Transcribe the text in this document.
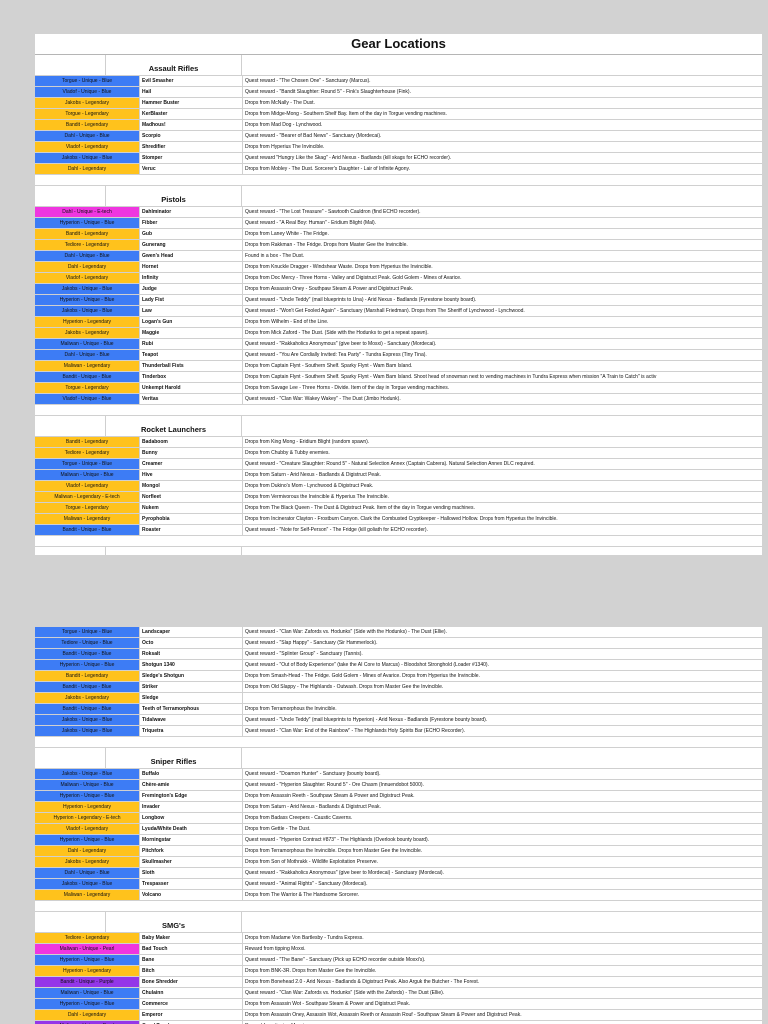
Gear Locations
Assault Rifles
Torgue - Unique - Blue	Evil Smasher	Quest reward - "The Chosen One" - Sanctuary (Marcus).
Vladof - Unique - Blue	Hail	Quest reward - "Bandit Slaughter: Round 5" - Fink's Slaughterhouse (Fink).
Jakobs - Legendary	Hammer Buster	Drops from McNally - The Dust.
Torgue - Legendary	KerBlaster	Drops from Midge-Mong - Southern Shelf Bay. Item of the day in Torgue vending machines.
Bandit - Legendary	Madhous!	Drops from Mad Dog - Lynchwood.
Dahl - Unique - Blue	Scorpio	Quest reward - "Bearer of Bad News" - Sanctuary (Mordecai).
Vladof - Legendary	Shredifier	Drops from Hyperius The Invincible.
Jakobs - Unique - Blue	Stomper	Quest reward "Hungry Like the Skag" - Arid Nexus - Badlands (kill skags for ECHO recorder).
Dahl - Legendary	Veruc	Drops from Mobley - The Dust. Sorcerer's Daughter - Lair of Infinite Agony.
Pistols
Dahl - Unique - E-tech	Dahlminator	Quest reward - "The Lost Treasure" - Sawtooth Cauldron (find ECHO recorder).
Hyperion - Unique - Blue	Fibber	Quest reward - "A Real Boy: Human" - Eridium Blight (Mal).
Bandit - Legendary	Gub	Drops from Laney White - The Fridge.
Tediore - Legendary	Gunerang	Drops from Rakkman - The Fridge. Drops from Master Gee the Invincible.
Dahl - Unique - Blue	Gwen's Head	Found in a box - The Dust.
Dahl - Legendary	Hornet	Drops from Knuckle Dragger - Windshear Waste. Drops from Hyperius the Invincible.
Vladof - Legendary	Infinity	Drops from Doc Mercy - Three Horns - Valley and Digistruct Peak. Gold Golem - Mines of Avarice.
Jakobs - Unique - Blue	Judge	Drops from Assassin Oney - Southpaw Steam & Power and Digistruct Peak.
Hyperion - Unique - Blue	Lady Fist	Quest reward - "Uncle Teddy" (mail blueprints to Una) - Arid Nexus - Badlands (Fyrestone bounty board).
Jakobs - Unique - Blue	Law	Quest reward - "Won't Get Fooled Again" - Sanctuary (Marshall Friedman). Drops from The Sheriff of Lynchwood - Lynchwood.
Hyperion - Legendary	Logan's Gun	Drops from Wilhelm - End of the Line.
Jakobs - Legendary	Maggie	Drops from Mick Zaford - The Dust. (Side with the Hodunks to get a repeat spawn).
Maliwan - Unique - Blue	Rubi	Quest reward - "Rakkaholics Anonymous" (give beer to Mosxi) - Sanctuary (Mordecai).
Dahl - Unique - Blue	Teapot	Quest reward - "You Are Cordially Invited: Tea Party" - Tundra Express (Tiny Tina).
Maliwan - Legendary	Thunderball Fists	Drops from Captain Flynt - Southern Shelf. Sparky Flynt - Wam Bam Island.
Bandit - Unique - Blue	Tinderbox	Drops from Captain Flynt - Southern Shelf. Sparky Flynt - Wam Bam Island. Shoot head of snowman next to vending machines in Tundra Express when mission "A Train to Catch" is activ
Torgue - Legendary	Unkempt Harold	Drops from Savage Lee - Three Horns - Divide. Item of the day in Torgue vending machines.
Vladof - Unique - Blue	Veritas	Quest reward - "Clan War: Wakey Wakey" - The Dust (Jimbo Hodunk).
Rocket Launchers
Bandit - Legendary	Badaboom	Drops from King Mong - Eridium Blight (random spawn).
Tediore - Legendary	Bunny	Drops from Chubby & Tubby enemies.
Torgue - Unique - Blue	Creamer	Quest reward - "Creature Slaughter: Round 5" - Natural Selection Annex (Captain Cabrera). Natural Selection Annex DLC required.
Maliwan - Unique - Blue	Hive	Drops from Saturn - Arid Nexus - Badlands & Digistruct Peak.
Vladof - Legendary	Mongol	Drops from Dukino's Mom - Lynchwood & Digistruct Peak.
Maliwan - Legendary - E-tech	Norfleet	Drops from Vermivorous the Invincible & Hyperius The Invincible.
Torgue - Legendary	Nukem	Drops from The Black Queen - The Dust & Digistruct Peak. Item of the day in Torgue vending machines.
Maliwan - Legendary	Pyrophobia	Drops from Incinerator Clayton - Frostburn Canyon. Clark the Combusted Cryptkeeper - Hallowed Hollow. Drops from Hyperius the Invincible.
Bandit - Unique - Blue	Roaster	Quest reward - "Note for Self-Person" - The Fridge (kill goliath for ECHO recorder).
Torgue - Unique - Blue	Landscaper	Quest reward - "Clan War: Zafords vs. Hodunks" (Side with the Hodunks) - The Dust (Ellie).
Tediore - Unique - Blue	Octo	Quest reward - "Slap Happy" - Sanctuary (Sir Hammerlock).
Bandit - Unique - Blue	Roksalt	Quest reward - "Splinter Group" - Sanctuary (Tannis).
Hyperion - Unique - Blue	Shotgun 1340	Quest reward - "Out of Body Experience" (take the AI Core to Marcus) - Bloodshot Stronghold (Loader #1340).
Bandit - Legendary	Sledge's Shotgun	Drops from Smash-Head - The Fridge. Gold Golem - Mines of Avarice. Drops from Hyperius the Invincible.
Bandit - Unique - Blue	Striker	Drops from Old Slappy - The Highlands - Outwash. Drops from Master Gee the Invincible.
Jakobs - Legendary	Sledge
Bandit - Unique - Blue	Teeth of Terramorphous	Drops from Terramorphous the Invincible.
Jakobs - Unique - Blue	Tidalwave	Quest reward - "Uncle Teddy" (mail blueprints to Hyperion) - Arid Nexus - Badlands (Fyrestone bounty board).
Jakobs - Unique - Blue	Triquetra	Quest reward - "Clan War: End of the Rainbow" - The Highlands Holy Spirits Bar (ECHO Recorder).
Sniper Rifles
Jakobs - Unique - Blue	Buffalo	Quest reward - "Doamon Hunter" - Sanctuary (bounty board).
Maliwan - Unique - Blue	Chère-amie	Quest reward - "Hyperion Slaughter: Round 5" - Ore Chasm (Innuendobot 5000).
Hyperion - Unique - Blue	Fremington's Edge	Drops from Assassin Reeth - Southpaw Steam & Power and Digistruct Peak.
Hyperion - Legendary	Invader	Drops from Saturn - Arid Nexus - Badlands & Digistruct Peak.
Hyperion - Legendary - E-tech	Longbow	Drops from Badass Creepers - Caustic Caverns.
Vladof - Legendary	Lyuda/White Death	Drops from Gettle - The Dust.
Hyperion - Unique - Blue	Morningstar	Quest reward - "Hyperion Contract #873" - The Highlands (Overlook bounty board).
Dahl - Legendary	Pitchfork	Drops from Terramorphous the Invincible. Drops from Master Gee the Invincible.
Jakobs - Legendary	Skullmasher	Drops from Son of Mothrakk - Wildlife Exploitation Preserve.
Dahl - Unique - Blue	Sloth	Quest reward - "Rakkaholics Anonymous" (give beer to Mordecai) - Sanctuary (Mordecai).
Jakobs - Unique - Blue	Trespasser	Quest reward - "Animal Rights" - Sanctuary (Mordecai).
Maliwan - Legendary	Volcano	Drops from The Warrior & The Handsome Sorcerer.
SMG's
Tediore - Legendary	Baby Maker	Drops from Madame Von Bartlesby - Tundra Express.
Maliwan - Unique - Pearl	Bad Touch	Reward from tipping Moxxi.
Hyperion - Unique - Blue	Bane	Quest reward - "The Bane" - Sanctuary (Pick up ECHO recorder outside Moxxi's).
Hyperion - Legendary	Bitch	Drops from BNK-3R. Drops from Master Gee the Invincible.
Bandit - Unique - Purple	Bone Shredder	Drops from Bonehead 2.0 - Arid Nexus - Badlands & Digistruct Peak. Also Arguk the Butcher - The Forest.
Maliwan - Unique - Blue	Chulainn	Quest reward - "Clan War: Zafords vs. Hodunks" (Side with the Zafords) - The Dust (Ellie).
Hyperion - Unique - Blue	Commerce	Drops from Assassin Wot - Southpaw Steam & Power and Digistruct Peak.
Dahl - Legendary	Emperor	Drops from Assassin Oney, Assassin Wot, Assassin Reeth or Assassin Rouf - Southpaw Steam & Power and Digistruct Peak.
